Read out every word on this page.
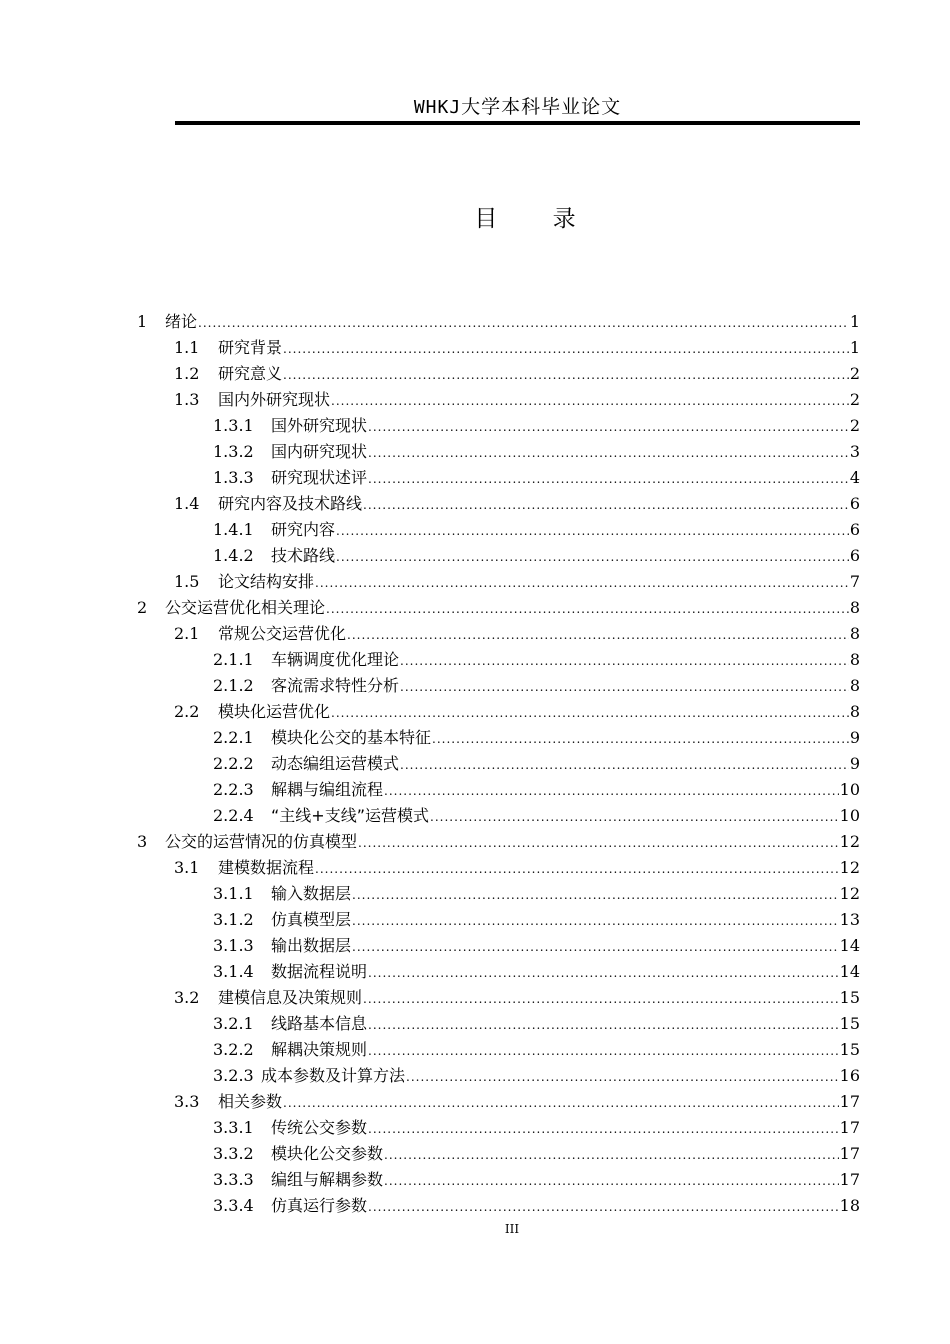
WHKJ大学本科毕业论文
目 录
1	绪论 .....	1
1.1	研究背景 .....	1
1.2	研究意义 .....	2
1.3	国内外研究现状 .....	2
1.3.1	国外研究现状 .....	2
1.3.2	国内研究现状 .....	3
1.3.3	研究现状述评 .....	4
1.4	研究内容及技术路线 .....	6
1.4.1	研究内容 .....	6
1.4.2	技术路线 .....	6
1.5	论文结构安排 .....	7
2	公交运营优化相关理论 .....	8
2.1	常规公交运营优化 .....	8
2.1.1	车辆调度优化理论 .....	8
2.1.2	客流需求特性分析 .....	8
2.2	模块化运营优化 .....	8
2.2.1	模块化公交的基本特征 .....	9
2.2.2	动态编组运营模式 .....	9
2.2.3	解耦与编组流程 .....	10
2.2.4	“主线+支线”运营模式 .....	10
3	公交的运营情况的仿真模型 .....	12
3.1	建模数据流程 .....	12
3.1.1	输入数据层 .....	12
3.1.2	仿真模型层 .....	13
3.1.3	输出数据层 .....	14
3.1.4	数据流程说明 .....	14
3.2	建模信息及决策规则 .....	15
3.2.1	线路基本信息 .....	15
3.2.2	解耦决策规则 .....	15
3.2.3 成本参数及计算方法 .....	16
3.3	相关参数 .....	17
3.3.1	传统公交参数 .....	17
3.3.2	模块化公交参数 .....	17
3.3.3	编组与解耦参数 .....	17
3.3.4	仿真运行参数 .....	18
III
